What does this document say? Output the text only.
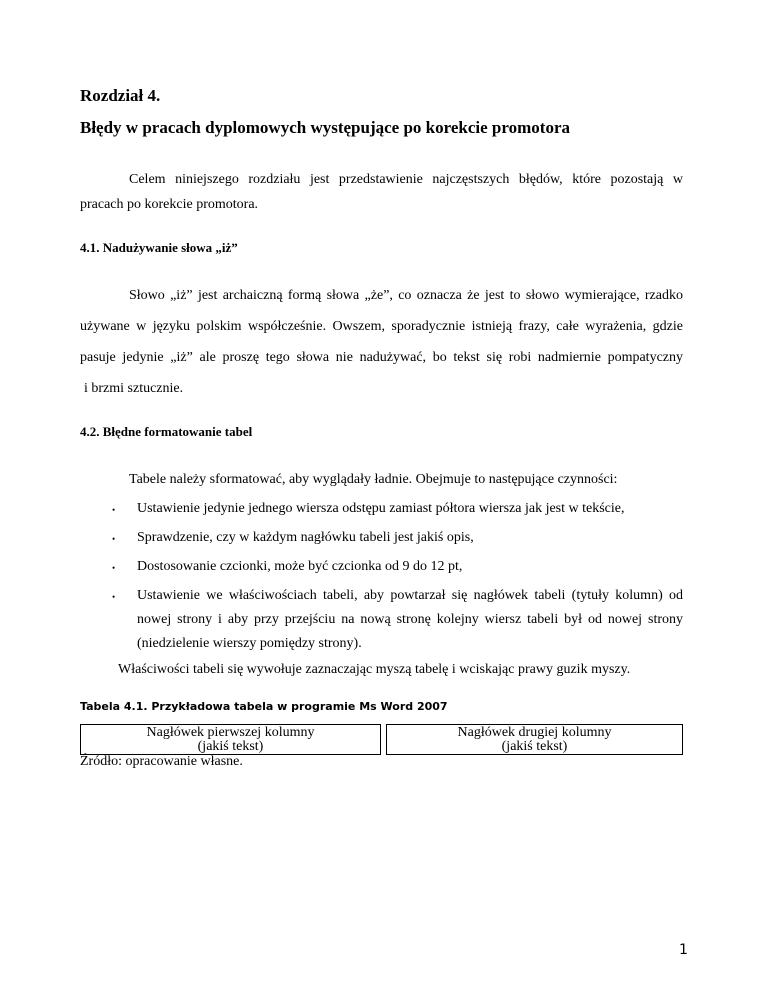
Rozdział 4.

Błędy w pracach dyplomowych występujące po korekcie promotora

Celem niniejszego rozdziału jest przedstawienie najczęstszych błędów, które pozostają w

pracach po korekcie promotora.

4.1. Nadużywanie słowa „iż”

Słowo „iż” jest archaiczną formą słowa „że”, co oznacza że jest to słowo wymierające, rzadko

używane w języku polskim współcześnie. Owszem, sporadycznie istnieją frazy, całe wyrażenia, gdzie

pasuje jedynie „iż” ale proszę tego słowa nie nadużywać, bo tekst się robi nadmiernie pompatyczny

i brzmi sztucznie.

4.2. Błędne formatowanie tabel

Tabele należy sformatować, aby wyglądały ładnie. Obejmuje to następujące czynności:

• Ustawienie jedynie jednego wiersza odstępu zamiast półtora wiersza jak jest w tekście,

• Sprawdzenie, czy w każdym nagłówku tabeli jest jakiś opis,

• Dostosowanie czcionki, może być czcionka od 9 do 12 pt,

• Ustawienie we właściwościach tabeli, aby powtarzał się nagłówek tabeli (tytuły kolumn) od

nowej strony i aby przy przejściu na nową stronę kolejny wiersz tabeli był od nowej strony

(niedzielenie wierszy pomiędzy strony).

Właściwości tabeli się wywołuje zaznaczając myszą tabelę i wciskając prawy guzik myszy.

Tabela 4.1. Przykładowa tabela w programie Ms Word 2007

Nagłówek pierwszej kolumny
(jakiś tekst)
Nagłówek drugiej kolumny
(jakiś tekst)

Źródło: opracowanie własne.

1
